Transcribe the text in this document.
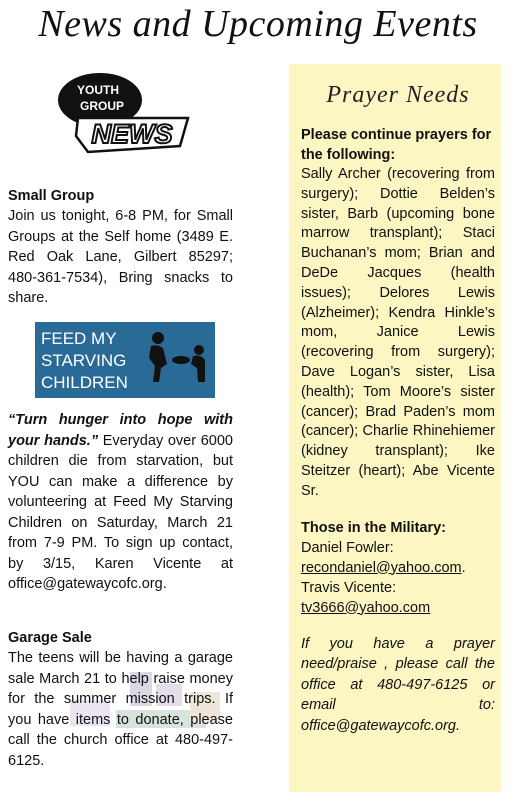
News and Upcoming Events
YOUTH
GROUP
NEWS
Small Group
Join us tonight, 6-8 PM, for Small Groups at the Self home (3489 E. Red Oak Lane, Gilbert 85297; 480-361-7534), Bring snacks to share.
FEED MY
STARVING
CHILDREN
“Turn hunger into hope with your hands.” Everyday over 6000 children die from starvation, but YOU can make a difference by volunteering at Feed My Starving Children on Saturday, March 21 from 7-9 PM. To sign up contact, by 3/15, Karen Vicente at office@gatewaycofc.org.
Garage Sale
The teens will be having a garage sale March 21 to help raise money for the summer mission trips. If you have items to donate, please call the church office at 480-497-6125.
Prayer Needs
Please continue prayers for the following:
Sally Archer (recovering from surgery); Dottie Belden’s sister, Barb (upcoming bone marrow transplant); Staci Buchanan’s mom; Brian and DeDe Jacques (health issues); Delores Lewis (Alzheimer); Kendra Hinkle’s mom, Janice Lewis (recovering from surgery); Dave Logan’s sister, Lisa (health); Tom Moore’s sister (cancer); Brad Paden’s mom (cancer); Charlie Rhinehiemer (kidney transplant); Ike Steitzer (heart); Abe Vicente Sr.
Those in the Military:
Daniel Fowler:
recondaniel@yahoo.com.
Travis Vicente:
tv3666@yahoo.com
If you have a prayer need/praise , please call the office at 480-497-6125 or email to: office@gatewaycofc.org.
